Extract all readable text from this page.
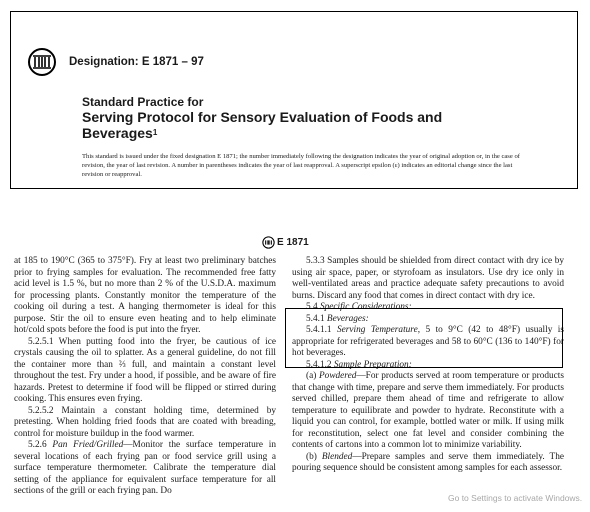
Designation: E 1871 – 97
Standard Practice for
Serving Protocol for Sensory Evaluation of Foods and
Beverages$^1$
This standard is issued under the fixed designation E 1871; the number immediately following the designation indicates the year of original adoption or, in the case of revision, the year of last revision. A number in parentheses indicates the year of last reapproval. A superscript epsilon (ε) indicates an editorial change since the last revision or reapproval.
E 1871

at 185 to 190°C (365 to 375°F). Fry at least two preliminary batches prior to frying samples for evaluation. The recommended free fatty acid level is 1.5 %, but no more than 2 % of the U.S.D.A. maximum for processing plants. Constantly monitor the temperature of the cooking oil during a test. A hanging thermometer is ideal for this purpose. Stir the oil to ensure even heating and to help eliminate hot/cold spots before the food is put into the fryer.

5.2.5.1 When putting food into the fryer, be cautious of ice crystals causing the oil to splatter. As a general guideline, do not fill the container more than ⅔ full, and maintain a constant level throughout the test. Fry under a hood, if possible, and be aware of fire hazards. Pretest to determine if food will be flipped or stirred during cooking. This ensures even frying.

5.2.5.2 Maintain a constant holding time, determined by pretesting. When holding fried foods that are coated with breading, control for moisture buildup in the food warmer.

5.2.6 Pan Fried/Grilled—Monitor the surface temperature in several locations of each frying pan or food service grill using a surface temperature thermometer. Calibrate the temperature dial setting of the appliance for equivalent surface temperature for all sections of the grill or each frying pan. Do

5.3.3 Samples should be shielded from direct contact with dry ice by using air space, paper, or styrofoam as insulators. Use dry ice only in well-ventilated areas and practice adequate safety precautions to avoid burns. Discard any food that comes in direct contact with dry ice.

5.4 Specific Considerations:

5.4.1 Beverages:

5.4.1.1 Serving Temperature, 5 to 9°C (42 to 48°F) usually is appropriate for refrigerated beverages and 58 to 60°C (136 to 140°F) for hot beverages.

5.4.1.2 Sample Preparation:

(a) Powdered—For products served at room temperature or products that change with time, prepare and serve them immediately. For products served chilled, prepare them ahead of time and refrigerate to allow temperature to equilibrate and powder to hydrate. Reconstitute with a liquid you can control, for example, bottled water or milk. If using milk for reconstitution, select one fat level and consider combining the contents of cartons into a common lot to minimize variability.

(b) Blended—Prepare samples and serve them immediately. The pouring sequence should be consistent among samples for each assessor.

Go to Settings to activate Windows.
